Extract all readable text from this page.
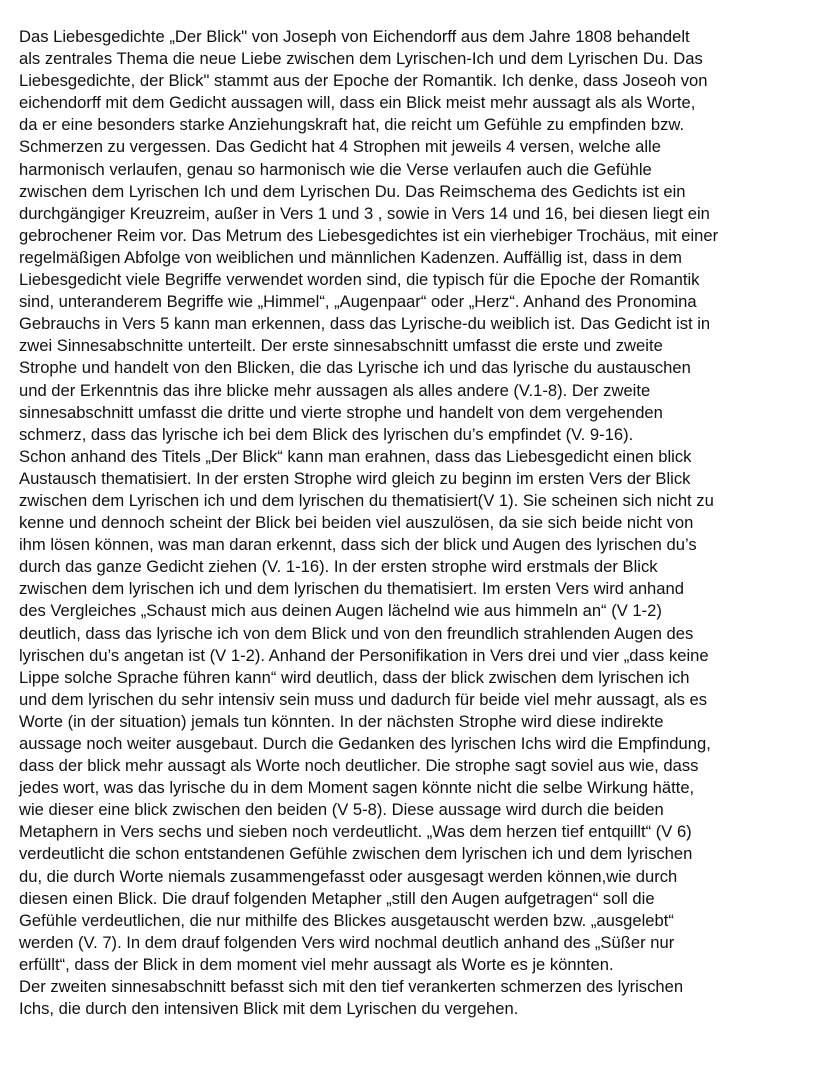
Das Liebesgedichte „Der Blick" von Joseph von Eichendorff aus dem Jahre 1808 behandelt
als zentrales Thema die neue Liebe zwischen dem Lyrischen-Ich und dem Lyrischen Du. Das
Liebesgedichte, der Blick" stammt aus der Epoche der Romantik. Ich denke, dass Joseoh von
eichendorff mit dem Gedicht aussagen will, dass ein Blick meist mehr aussagt als als Worte,
da er eine besonders starke Anziehungskraft hat, die reicht um Gefühle zu empfinden bzw.
Schmerzen zu vergessen. Das Gedicht hat 4 Strophen mit jeweils 4 versen, welche alle
harmonisch verlaufen, genau so harmonisch wie die Verse verlaufen auch die Gefühle
zwischen dem Lyrischen Ich und dem Lyrischen Du. Das Reimschema des Gedichts ist ein
durchgängiger Kreuzreim, außer in Vers 1 und 3 , sowie in Vers 14 und 16, bei diesen liegt ein
gebrochener Reim vor. Das Metrum des Liebesgedichtes ist ein vierhebiger Trochäus, mit einer
regelmäßigen Abfolge von weiblichen und männlichen Kadenzen. Auffällig ist, dass in dem
Liebesgedicht viele Begriffe verwendet worden sind, die typisch für die Epoche der Romantik
sind, unteranderem Begriffe wie „Himmel“, „Augenpaar“ oder „Herz“. Anhand des Pronomina
Gebrauchs in Vers 5 kann man erkennen, dass das Lyrische-du weiblich ist. Das Gedicht ist in
zwei Sinnesabschnitte unterteilt. Der erste sinnesabschnitt umfasst die erste und zweite
Strophe und handelt von den Blicken, die das Lyrische ich und das lyrische du austauschen
und der Erkenntnis das ihre blicke mehr aussagen als alles andere (V.1-8). Der zweite
sinnesabschnitt umfasst die dritte und vierte strophe und handelt von dem vergehenden
schmerz, dass das lyrische ich bei dem Blick des lyrischen du’s empfindet (V. 9-16).
Schon anhand des Titels „Der Blick“ kann man erahnen, dass das Liebesgedicht einen blick
Austausch thematisiert. In der ersten Strophe wird gleich zu beginn im ersten Vers der Blick
zwischen dem Lyrischen ich und dem lyrischen du thematisiert(V 1). Sie scheinen sich nicht zu
kenne und dennoch scheint der Blick bei beiden viel auszulösen, da sie sich beide nicht von
ihm lösen können, was man daran erkennt, dass sich der blick und Augen des lyrischen du’s
durch das ganze Gedicht ziehen (V. 1-16). In der ersten strophe wird erstmals der Blick
zwischen dem lyrischen ich und dem lyrischen du thematisiert. Im ersten Vers wird anhand
des Vergleiches „Schaust mich aus deinen Augen lächelnd wie aus himmeln an“ (V 1-2)
deutlich, dass das lyrische ich von dem Blick und von den freundlich strahlenden Augen des
lyrischen du’s angetan ist (V 1-2). Anhand der Personifikation in Vers drei und vier „dass keine
Lippe solche Sprache führen kann“ wird deutlich, dass der blick zwischen dem lyrischen ich
und dem lyrischen du sehr intensiv sein muss und dadurch für beide viel mehr aussagt, als es
Worte (in der situation) jemals tun könnten. In der nächsten Strophe wird diese indirekte
aussage noch weiter ausgebaut. Durch die Gedanken des lyrischen Ichs wird die Empfindung,
dass der blick mehr aussagt als Worte noch deutlicher. Die strophe sagt soviel aus wie, dass
jedes wort, was das lyrische du in dem Moment sagen könnte nicht die selbe Wirkung hätte,
wie dieser eine blick zwischen den beiden (V 5-8). Diese aussage wird durch die beiden
Metaphern in Vers sechs und sieben noch verdeutlicht. „Was dem herzen tief entquillt“ (V 6)
verdeutlicht die schon entstandenen Gefühle zwischen dem lyrischen ich und dem lyrischen
du, die durch Worte niemals zusammengefasst oder ausgesagt werden können,wie durch
diesen einen Blick. Die drauf folgenden Metapher „still den Augen aufgetragen“ soll die
Gefühle verdeutlichen, die nur mithilfe des Blickes ausgetauscht werden bzw. „ausgelebt“
werden (V. 7). In dem drauf folgenden Vers wird nochmal deutlich anhand des „Süßer nur
erfüllt“, dass der Blick in dem moment viel mehr aussagt als Worte es je könnten.
Der zweiten sinnesabschnitt befasst sich mit den tief verankerten schmerzen des lyrischen
Ichs, die durch den intensiven Blick mit dem Lyrischen du vergehen.
